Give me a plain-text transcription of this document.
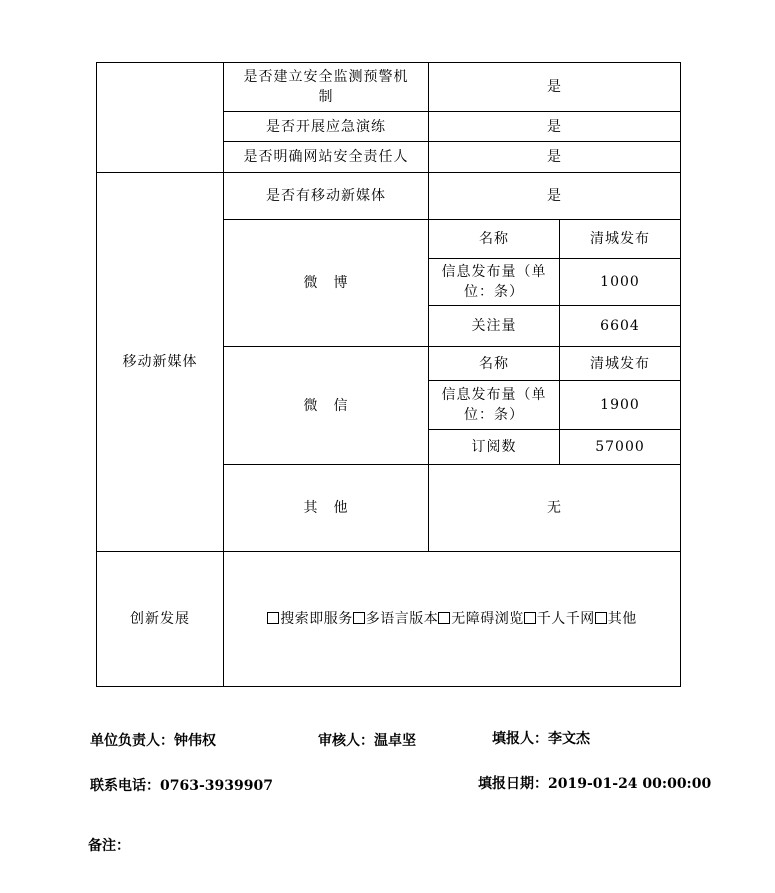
	是否建立安全监测预警机制	是	
	是否开展应急演练	是	
	是否明确网站安全责任人	是	
移动新媒体	是否有移动新媒体	是	
	微　博	名称	清城发布
		信息发布量（单位：条）	1000
		关注量	6604
	微　信	名称	清城发布
		信息发布量（单位：条）	1900
		订阅数	57000
	其　他	无	
创新发展	搜索即服务 多语言版本 无障碍浏览 千人千网 其他		
单位负责人：钟伟权	审核人：温卓坚	填报人：李文杰
联系电话：0763-3939907	填报日期：2019-01-24 00:00:00
备注：
